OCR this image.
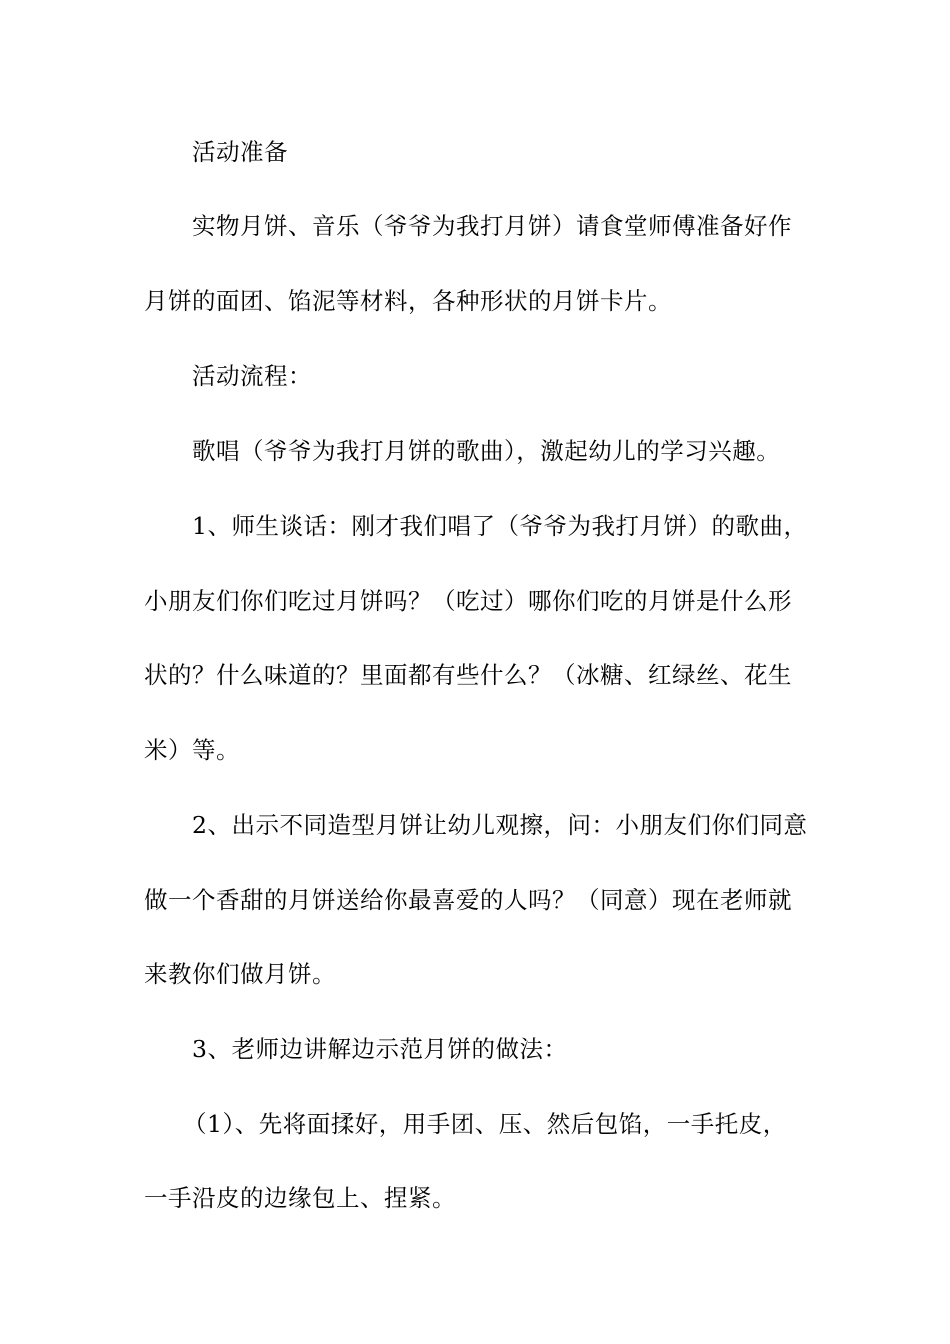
活动准备

实物月饼、音乐（爷爷为我打月饼）请食堂师傅准备好作

月饼的面团、馅泥等材料，各种形状的月饼卡片。

活动流程：

歌唱（爷爷为我打月饼的歌曲），激起幼儿的学习兴趣。

1、师生谈话：刚才我们唱了（爷爷为我打月饼）的歌曲，

小朋友们你们吃过月饼吗？（吃过）哪你们吃的月饼是什么形

状的？什么味道的？里面都有些什么？（冰糖、红绿丝、花生

米）等。

2、出示不同造型月饼让幼儿观擦，问：小朋友们你们同意

做一个香甜的月饼送给你最喜爱的人吗？（同意）现在老师就

来教你们做月饼。

3、老师边讲解边示范月饼的做法：

（1）、先将面揉好，用手团、压、然后包馅，一手托皮，

一手沿皮的边缘包上、捏紧。
